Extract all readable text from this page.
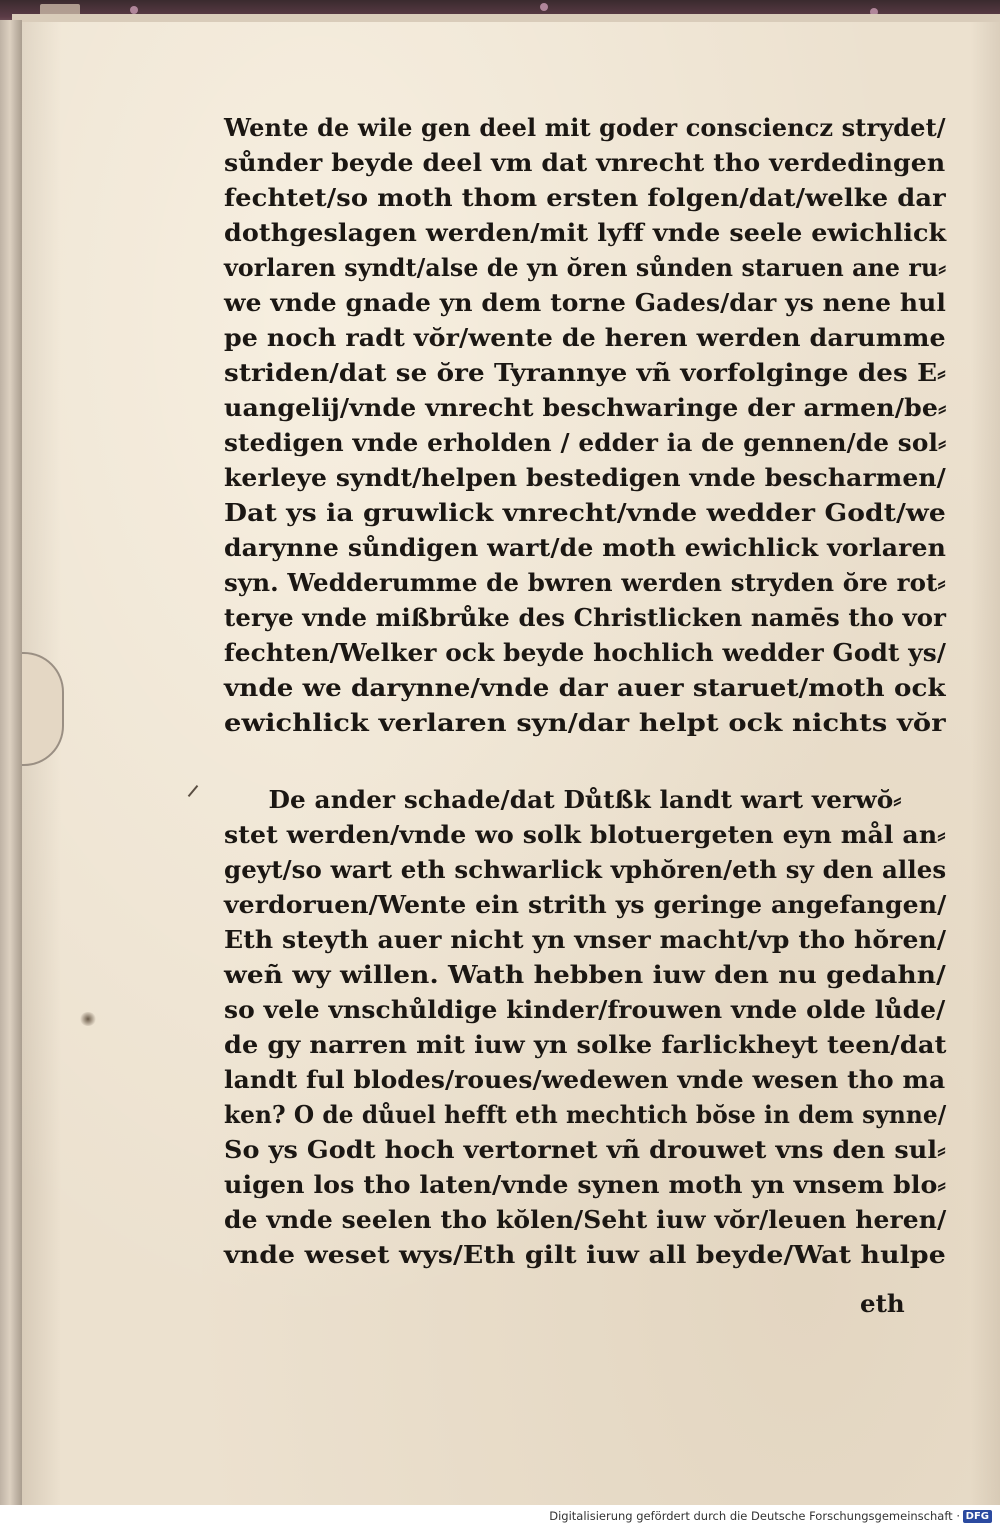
Wente de wile gen deel mit goder consciencz strydet/
sůnder beyde deel vm dat vnrecht tho verdedingen
fechtet/so moth thom ersten folgen/dat/welke dar
dothgeslagen werden/mit lyff vnde seele ewichlick
vorlaren syndt/alse de yn ŏren sůnden staruen ane ru⸗
we vnde gnade yn dem torne Gades/dar ys nene hul
pe noch radt vŏr/wente de heren werden darumme
striden/dat se ŏre Tyrannye vñ vorfolginge des E⸗
uangelij/vnde vnrecht beschwaringe der armen/be⸗
stedigen vnde erholden / edder ia de gennen/de sol⸗
kerleye syndt/helpen bestedigen vnde bescharmen/
Dat ys ia gruwlick vnrecht/vnde wedder Godt/we
darynne sůndigen wart/de moth ewichlick vorlaren
syn. Wedderumme de bwren werden stryden ŏre rot⸗
terye vnde mißbrůke des Christlicken namēs tho vor
fechten/Welker ock beyde hochlich wedder Godt ys/
vnde we darynne/vnde dar auer staruet/moth ock
ewichlick verlaren syn/dar helpt ock nichts vŏr
De ander schade/dat Důtßk landt wart verwŏ⸗
stet werden/vnde wo solk blotuergeten eyn mål an⸗
geyt/so wart eth schwarlick vphŏren/eth sy den alles
verdoruen/Wente ein strith ys geringe angefangen/
Eth steyth auer nicht yn vnser macht/vp tho hŏren/
weñ wy willen. Wath hebben iuw den nu gedahn/
so vele vnschůldige kinder/frouwen vnde olde lůde/
de gy narren mit iuw yn solke farlickheyt teen/dat
landt ful blodes/roues/wedewen vnde wesen tho ma
ken? O de důuel hefft eth mechtich bŏse in dem synne/
So ys Godt hoch vertornet vñ drouwet vns den sul⸗
uigen los tho laten/vnde synen moth yn vnsem blo⸗
de vnde seelen tho kŏlen/Seht iuw vŏr/leuen heren/
vnde weset wys/Eth gilt iuw all beyde/Wat hulpe
eth
Digitalisierung gefördert durch die Deutsche Forschungsgemeinschaft · DFG
